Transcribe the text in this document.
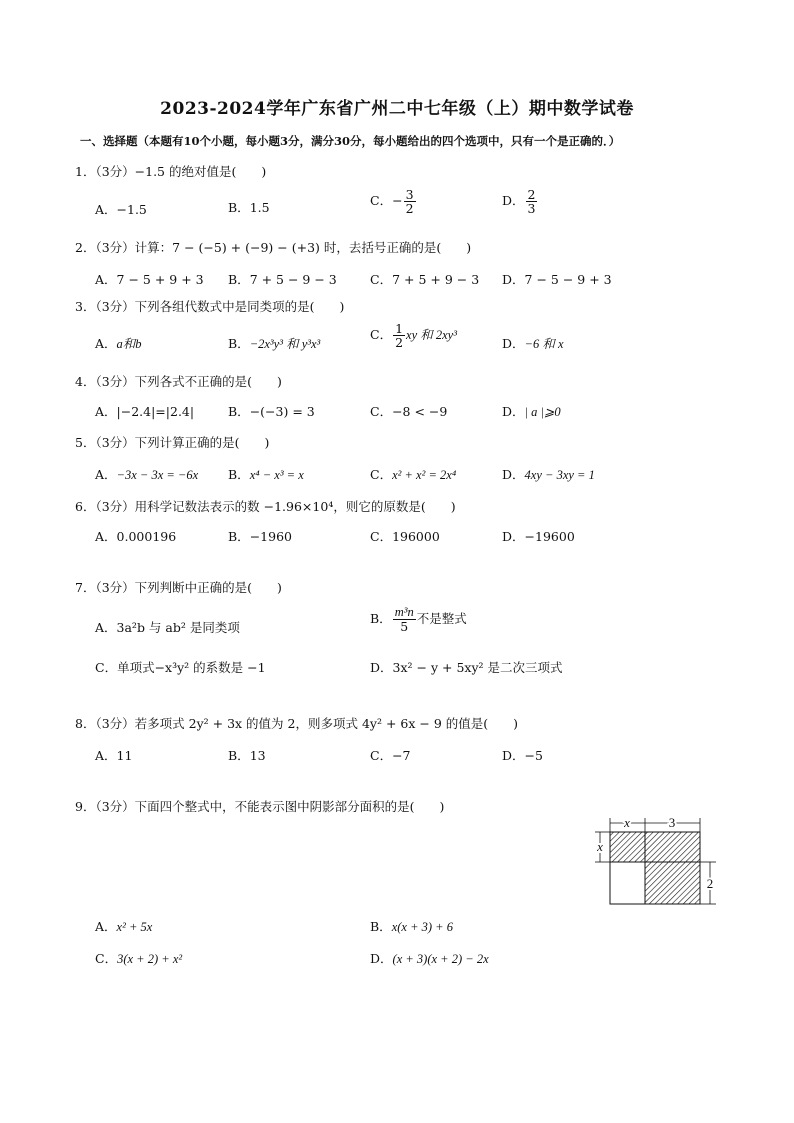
2023-2024学年广东省广州二中七年级（上）期中数学试卷
一、选择题（本题有10个小题，每小题3分，满分30分，每小题给出的四个选项中，只有一个是正确的．）
1．（3分）−1.5 的绝对值是(　　)
A．−1.5	B．1.5	C．− $\frac{3}{2}$	D． $\frac{2}{3}$
2．（3分）计算：7 − (−5) + (−9) − (+3) 时，去括号正确的是(　　)
A．7 − 5 + 9 + 3 B．7 + 5 − 9 − 3	C．7 + 5 + 9 − 3 D．7 − 5 − 9 + 3
3．（3分）下列各组代数式中是同类项的是(　　)
A．a和b	B．−2x³y³ 和 y³x³
C． $\frac{1}{2}$ xy 和 2xy³
D．−6 和 x
4．（3分）下列各式不正确的是(　　)
A．|−2.4|=|2.4|	B．−(−3) = 3	C．−8 < −9	D．| a |⩾0
5．（3分）下列计算正确的是(　　)
A．−3x − 3x = −6x B．x⁴ − x³ = x	C．x² + x² = 2x⁴	D．4xy − 3xy = 1
6．（3分）用科学记数法表示的数 −1.96×10⁴，则它的原数是(　　)
A．0.000196	B．−1960	C．196000	D．−19600
7．（3分）下列判断中正确的是(　　)
A．3a²b 与 ab² 是同类项
B． $\frac{\text{m³n}}{5}$ 不是整式
C．单项式−x³y² 的系数是 −1	D．3x² − y + 5xy² 是二次三项式
8．（3分）若多项式 2y² + 3x 的值为 2，则多项式 4y² + 6x − 9 的值是(　　)
A．11	B．13	C．−7	D．−5
9．（3分）下面四个整式中，不能表示图中阴影部分面积的是(　　)
x	3
x
2
A．x² + 5x	B．x(x + 3) + 6
C．3(x + 2) + x²	D．(x + 3)(x + 2) − 2x
